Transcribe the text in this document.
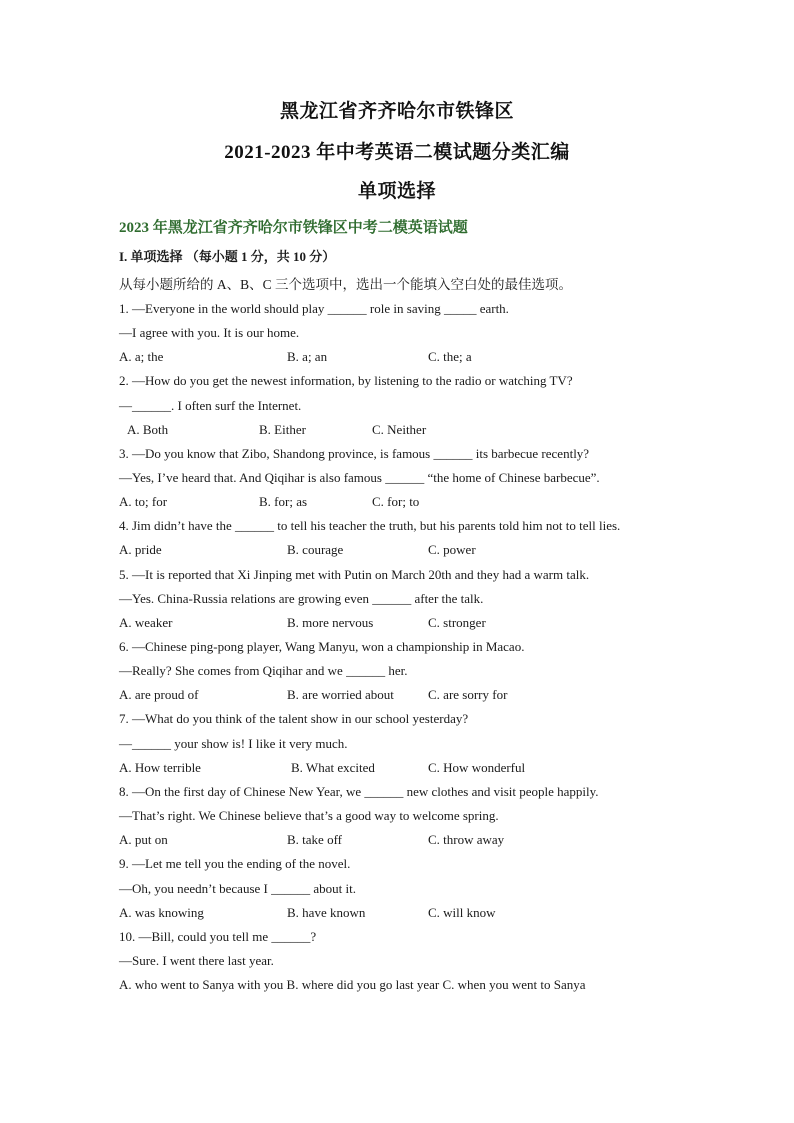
黑龙江省齐齐哈尔市铁锋区
2021-2023 年中考英语二模试题分类汇编
单项选择
2023 年黑龙江省齐齐哈尔市铁锋区中考二模英语试题
I. 单项选择 （每小题 1 分，共 10 分）
从每小题所给的 A、B、C 三个选项中，选出一个能填入空白处的最佳选项。
1. —Everyone in the world should play ______ role in saving _____ earth.
—I agree with you. It is our home.
A. a; the	B. a; an	C. the; a
2. —How do you get the newest information, by listening to the radio or watching TV?
—______. I often surf the Internet.
A. Both	B. Either	C. Neither
3. —Do you know that Zibo, Shandong province, is famous ______ its barbecue recently?
—Yes, I’ve heard that. And Qiqihar is also famous ______ “the home of Chinese barbecue”.
A. to; for	B. for; as	C. for; to
4. Jim didn’t have the ______ to tell his teacher the truth, but his parents told him not to tell lies.
A. pride	B. courage	C. power
5. —It is reported that Xi Jinping met with Putin on March 20th and they had a warm talk.
—Yes. China-Russia relations are growing even ______ after the talk.
A. weaker	B. more nervous	C. stronger
6. —Chinese ping-pong player, Wang Manyu, won a championship in Macao.
—Really? She comes from Qiqihar and we ______ her.
A. are proud of	B. are worried about	C. are sorry for
7. —What do you think of the talent show in our school yesterday?
—______ your show is! I like it very much.
A. How terrible	B. What excited	C. How wonderful
8. —On the first day of Chinese New Year, we ______ new clothes and visit people happily.
—That’s right. We Chinese believe that’s a good way to welcome spring.
A. put on	B. take off	C. throw away
9. —Let me tell you the ending of the novel.
—Oh, you needn’t because I ______ about it.
A. was knowing	B. have known	C. will know
10. —Bill, could you tell me ______?
—Sure. I went there last year.
A. who went to Sanya with you B. where did you go last year C. when you went to Sanya
